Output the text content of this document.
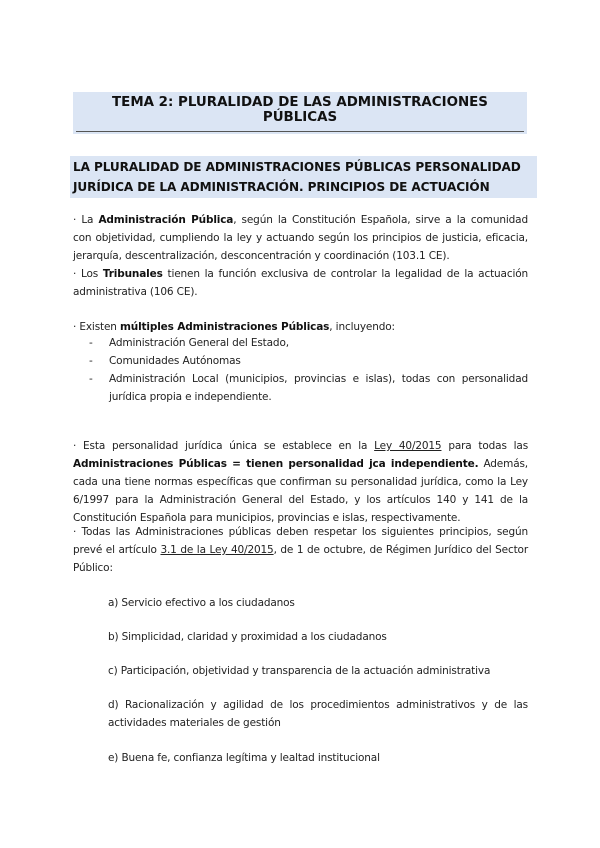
TEMA 2: PLURALIDAD DE LAS ADMINISTRACIONES PÚBLICAS
LA PLURALIDAD DE ADMINISTRACIONES PÚBLICAS PERSONALIDAD JURÍDICA DE LA ADMINISTRACIÓN. PRINCIPIOS DE ACTUACIÓN
· La Administración Pública, según la Constitución Española, sirve a la comunidad con objetividad, cumpliendo la ley y actuando según los principios de justicia, eficacia, jerarquía, descentralización, desconcentración y coordinación (103.1 CE).
· Los Tribunales tienen la función exclusiva de controlar la legalidad de la actuación administrativa (106 CE).
· Existen múltiples Administraciones Públicas, incluyendo:
- Administración General del Estado,
- Comunidades Autónomas
- Administración Local (municipios, provincias e islas), todas con personalidad jurídica propia e independiente.
· Esta personalidad jurídica única se establece en la Ley 40/2015 para todas las Administraciones Públicas = tienen personalidad jca independiente. Además, cada una tiene normas específicas que confirman su personalidad jurídica, como la Ley 6/1997 para la Administración General del Estado, y los artículos 140 y 141 de la Constitución Española para municipios, provincias e islas, respectivamente.
· Todas las Administraciones públicas deben respetar los siguientes principios, según prevé el artículo 3.1 de la Ley 40/2015, de 1 de octubre, de Régimen Jurídico del Sector Público:
a) Servicio efectivo a los ciudadanos
b) Simplicidad, claridad y proximidad a los ciudadanos
c) Participación, objetividad y transparencia de la actuación administrativa
d) Racionalización y agilidad de los procedimientos administrativos y de las actividades materiales de gestión
e) Buena fe, confianza legítima y lealtad institucional
